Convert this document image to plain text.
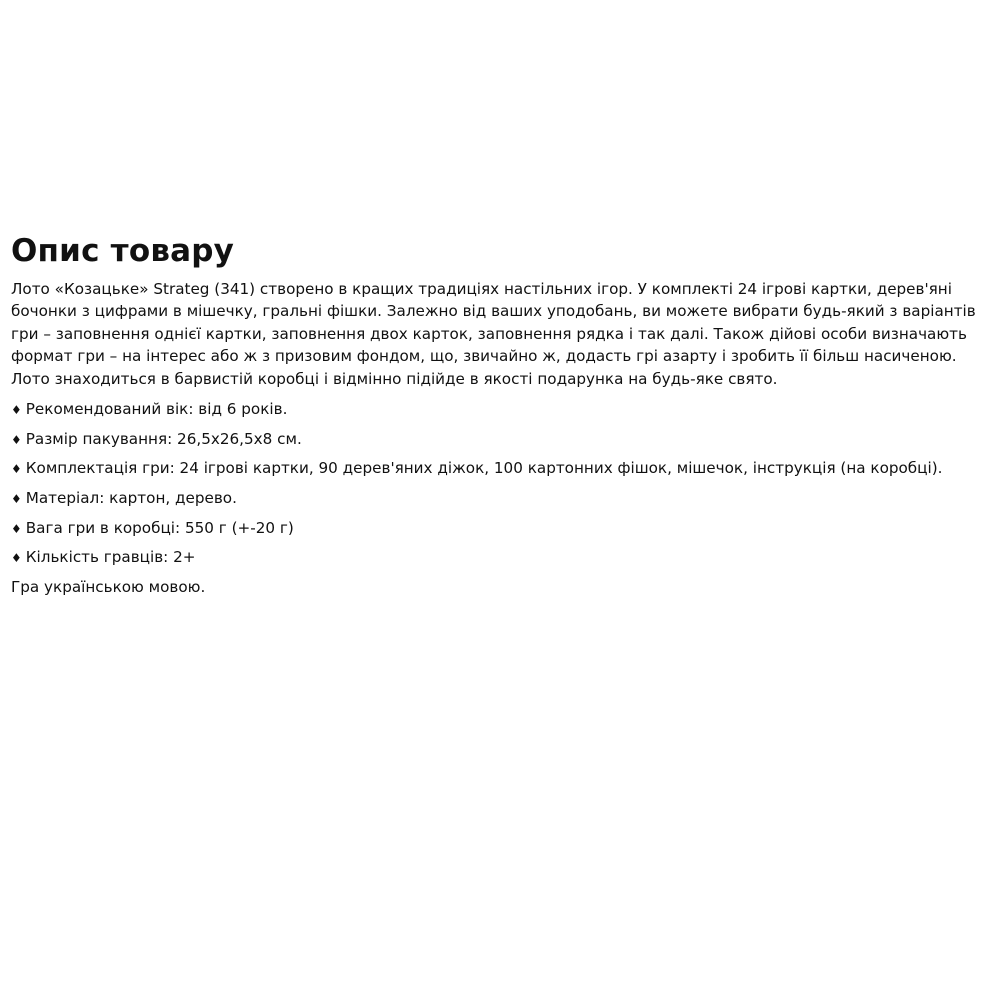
Опис товару

Лото «Козацьке» Strateg (341) створено в кращих традиціях настільних ігор. У комплекті 24 ігрові картки, дерев'яні бочонки з цифрами в мішечку, гральні фішки. Залежно від ваших уподобань, ви можете вибрати будь-який з варіантів гри – заповнення однієї картки, заповнення двох карток, заповнення рядка і так далі. Також дійові особи визначають формат гри – на інтерес або ж з призовим фондом, що, звичайно ж, додасть грі азарту і зробить її більш насиченою. Лото знаходиться в барвистій коробці і відмінно підійде в якості подарунка на будь-яке свято.

♦ Рекомендований вік: від 6 років.
♦ Размір пакування: 26,5x26,5x8 см.
♦ Комплектація гри: 24 ігрові картки, 90 дерев'яних діжок, 100 картонних фішок, мішечок, інструкція (на коробці).
♦ Матеріал: картон, дерево.
♦ Вага гри в коробці: 550 г (+-20 г)
♦ Кількість гравців: 2+

Гра українською мовою.
